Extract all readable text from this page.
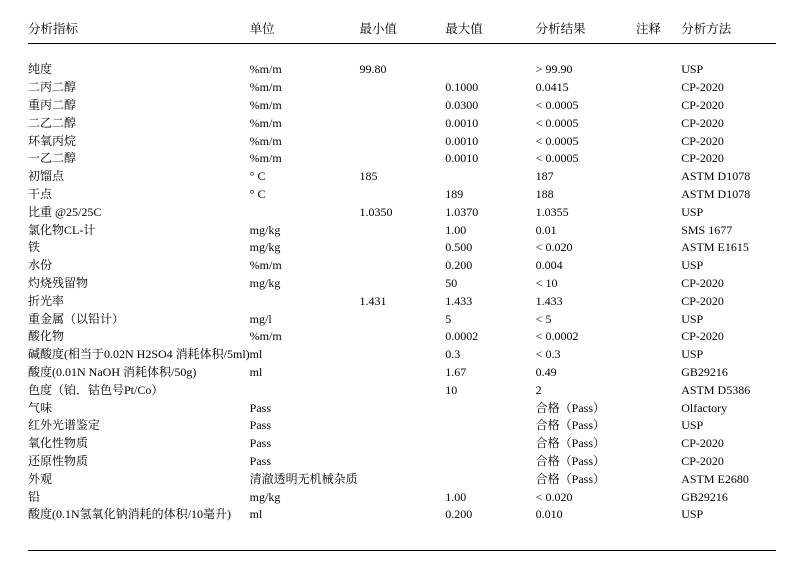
分析指标	单位	最小值	最大值	分析结果	注释	分析方法

纯度	%m/m	99.80		> 99.90		USP
二丙二醇	%m/m		0.1000	0.0415		CP-2020
重丙二醇	%m/m		0.0300	< 0.0005		CP-2020
二乙二醇	%m/m		0.0010	< 0.0005		CP-2020
环氧丙烷	%m/m		0.0010	< 0.0005		CP-2020
一乙二醇	%m/m		0.0010	< 0.0005		CP-2020
初馏点	° C	185		187		ASTM D1078
干点	° C		189	188		ASTM D1078
比重 @25/25C		1.0350	1.0370	1.0355		USP
氯化物CL-计	mg/kg		1.00	0.01		SMS 1677
铁	mg/kg		0.500	< 0.020		ASTM E1615
水份	%m/m		0.200	0.004		USP
灼烧残留物	mg/kg		50	< 10		CP-2020
折光率		1.431	1.433	1.433		CP-2020
重金属（以铅计）	mg/l		5	< 5		USP
酸化物	%m/m		0.0002	< 0.0002		CP-2020
碱酸度(相当于0.02N H2SO4 消耗体积/5ml)	ml		0.3	< 0.3		USP
酸度(0.01N NaOH 消耗体积/50g)	ml		1.67	0.49		GB29216
色度（铂．钴色号Pt/Co）			10	2		ASTM D5386
气味	Pass			合格（Pass）		Olfactory
红外光谱鉴定	Pass			合格（Pass）		USP
氧化性物质	Pass			合格（Pass）		CP-2020
还原性物质	Pass			合格（Pass）		CP-2020
外观	清澈透明无机械杂质			合格（Pass）		ASTM E2680
铅	mg/kg		1.00	< 0.020		GB29216
酸度(0.1N氢氧化钠消耗的体积/10毫升)	ml		0.200	0.010		USP
